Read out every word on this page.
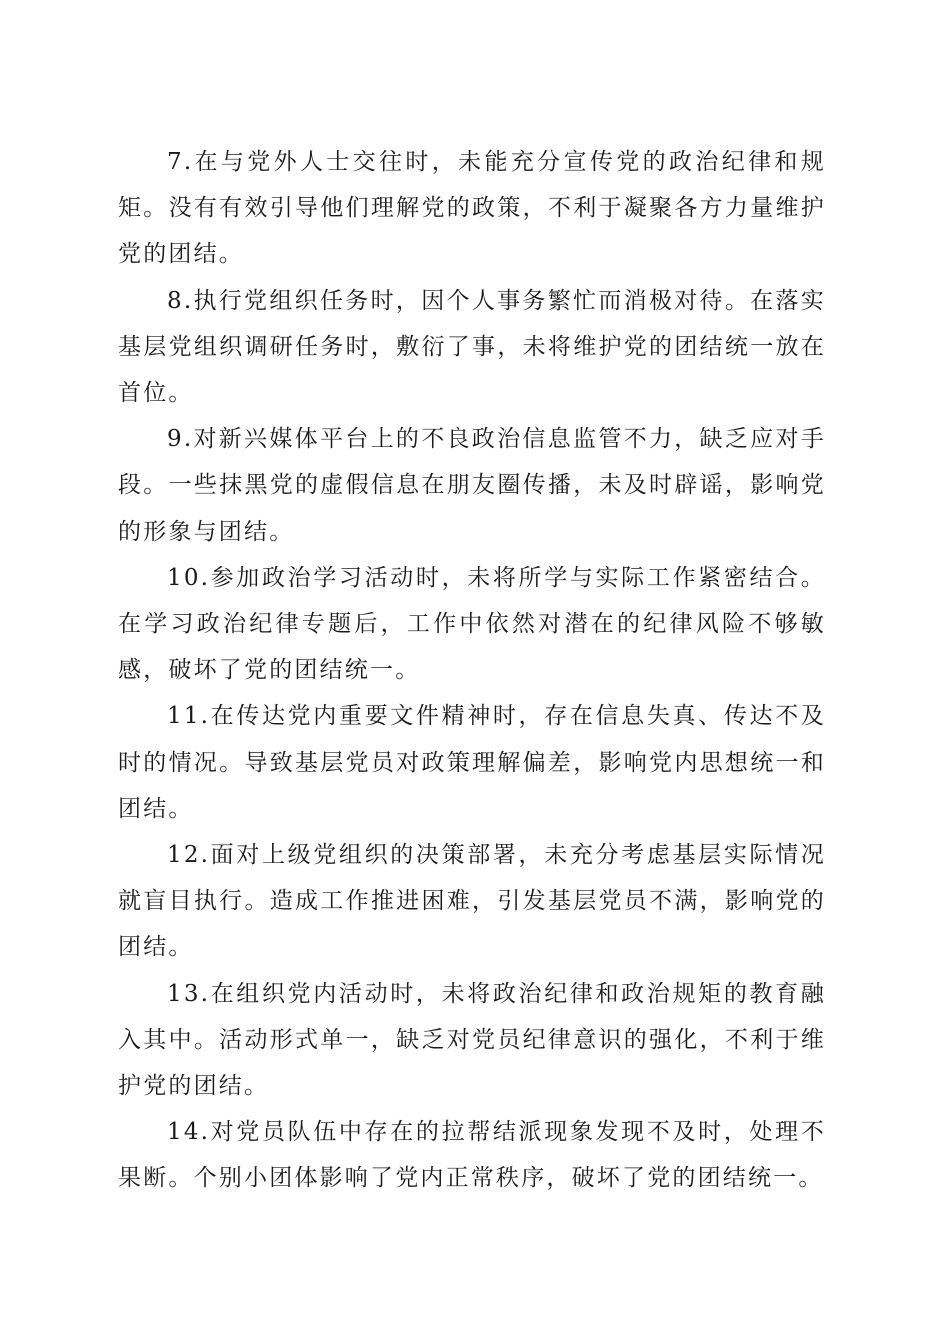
7.在与党外人士交往时，未能充分宣传党的政治纪律和规矩。没有有效引导他们理解党的政策，不利于凝聚各方力量维护党的团结。

8.执行党组织任务时，因个人事务繁忙而消极对待。在落实基层党组织调研任务时，敷衍了事，未将维护党的团结统一放在首位。

9.对新兴媒体平台上的不良政治信息监管不力，缺乏应对手段。一些抹黑党的虚假信息在朋友圈传播，未及时辟谣，影响党的形象与团结。

10.参加政治学习活动时，未将所学与实际工作紧密结合。在学习政治纪律专题后，工作中依然对潜在的纪律风险不够敏感，破坏了党的团结统一。

11.在传达党内重要文件精神时，存在信息失真、传达不及时的情况。导致基层党员对政策理解偏差，影响党内思想统一和团结。

12.面对上级党组织的决策部署，未充分考虑基层实际情况就盲目执行。造成工作推进困难，引发基层党员不满，影响党的团结。

13.在组织党内活动时，未将政治纪律和政治规矩的教育融入其中。活动形式单一，缺乏对党员纪律意识的强化，不利于维护党的团结。

14.对党员队伍中存在的拉帮结派现象发现不及时，处理不果断。个别小团体影响了党内正常秩序，破坏了党的团结统一。
